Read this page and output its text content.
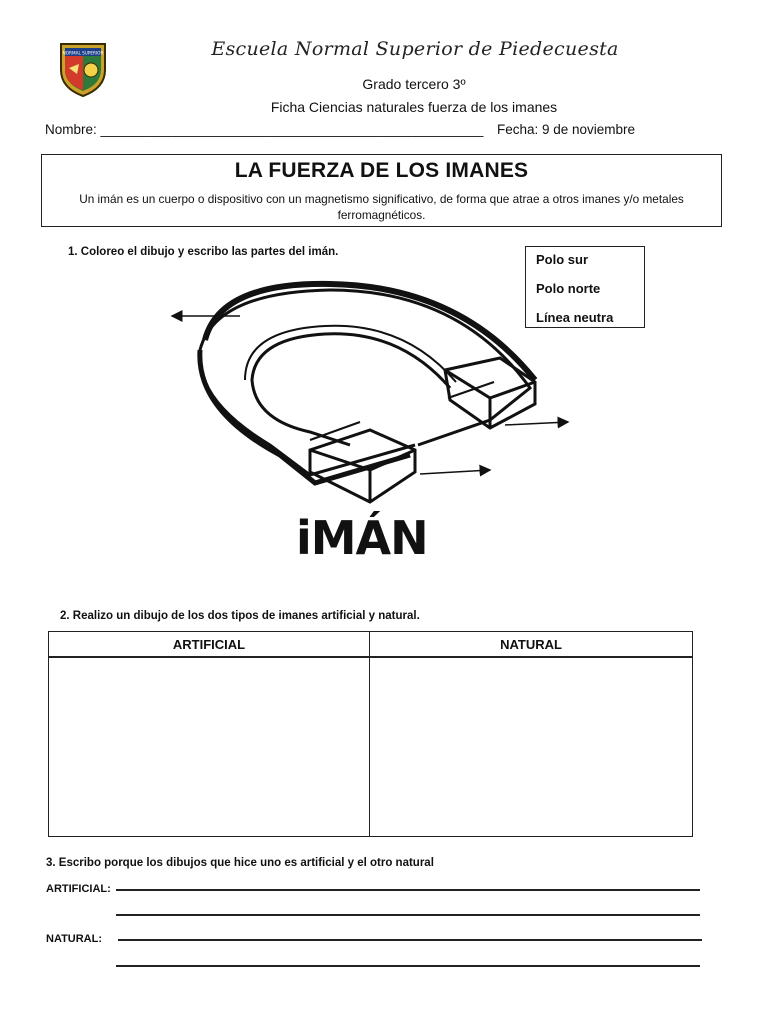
NORMAL SUPERIOR	Escuela Normal Superior de Piedecuesta
Grado tercero 3º
Ficha Ciencias naturales fuerza de los imanes
Nombre: ___________________________________________________ Fecha: 9 de noviembre
LA FUERZA DE LOS IMANES

Un imán es un cuerpo o dispositivo con un magnetismo significativo, de forma que atrae a otros imanes y/o metales ferromagnéticos.

1. Coloreo el dibujo y escribo las partes del imán.	Polo sur
Polo norte
Línea neutra
iMÁN
2. Realizo un dibujo de los dos tipos de imanes artificial y natural.
ARTIFICIAL	NATURAL
3. Escribo porque los dibujos que hice uno es artificial y el otro natural
ARTIFICIAL:
NATURAL:
